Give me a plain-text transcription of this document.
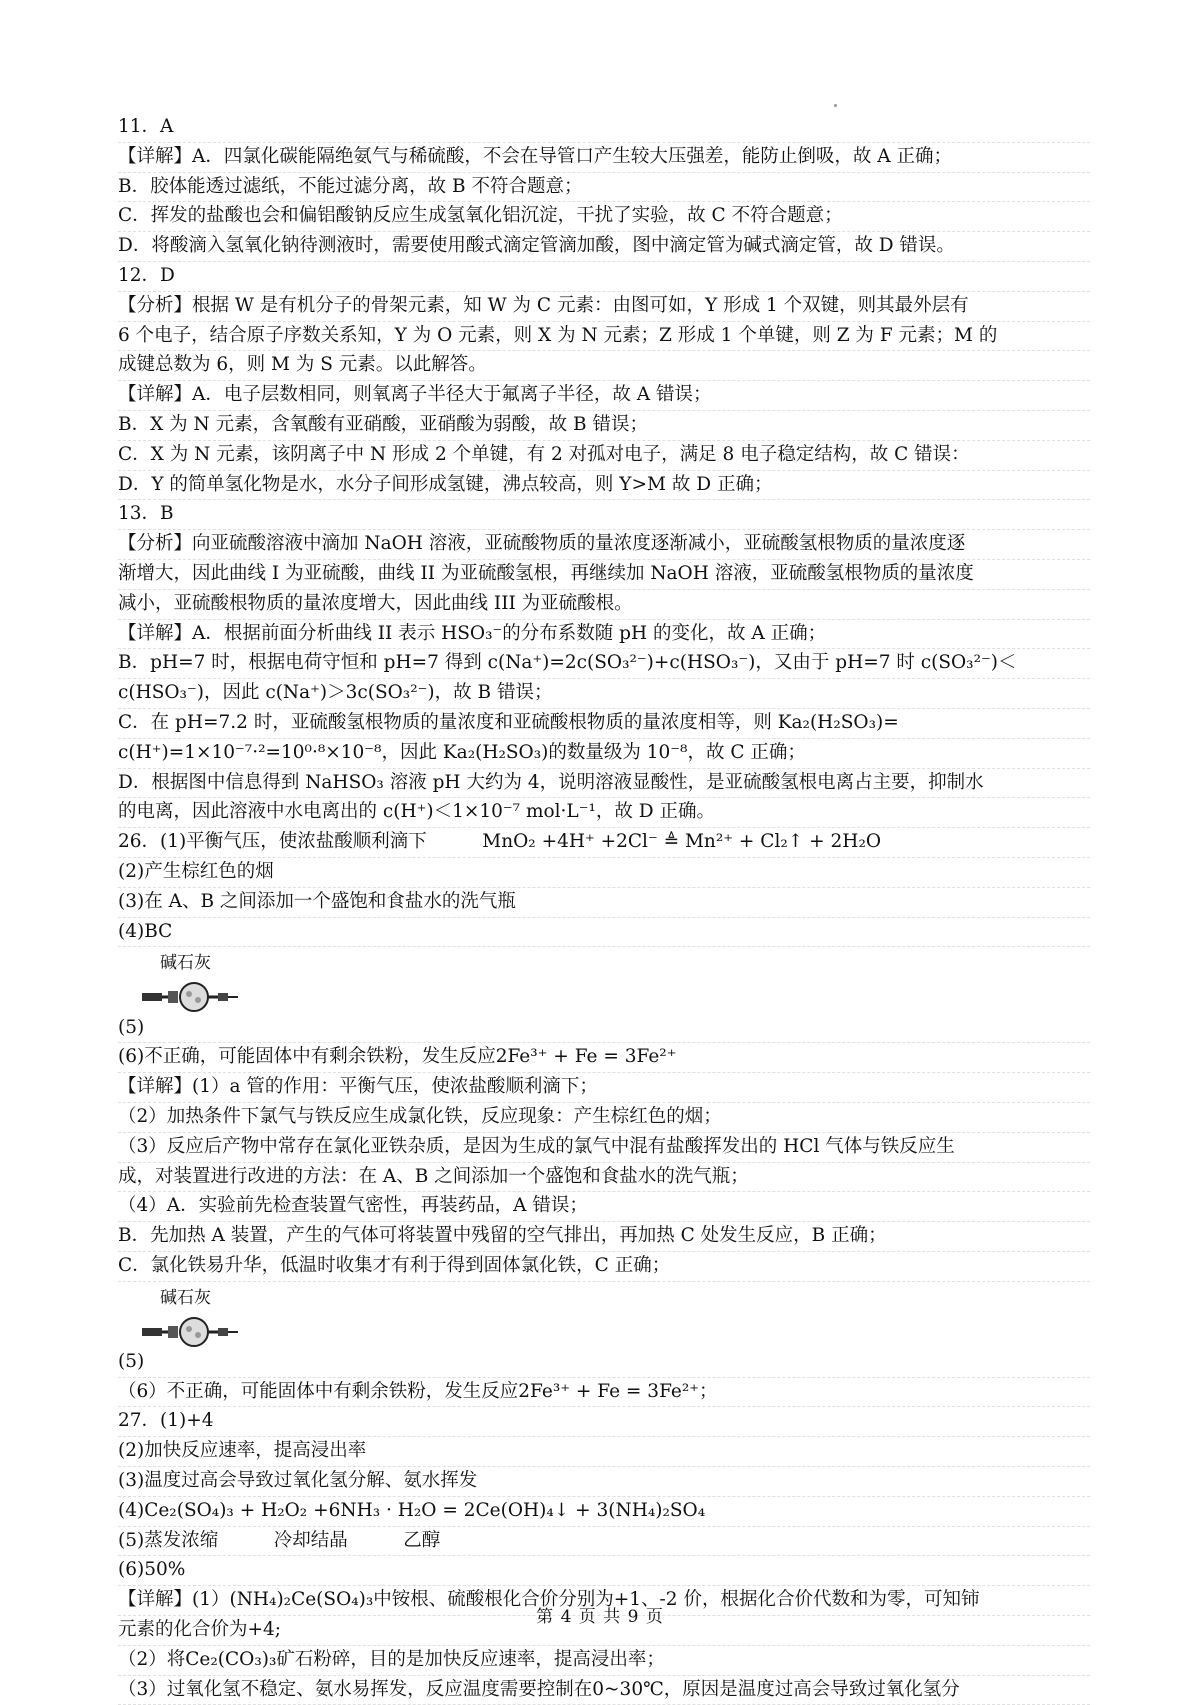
11．A
【详解】A．四氯化碳能隔绝氨气与稀硫酸，不会在导管口产生较大压强差，能防止倒吸，故 A 正确；
B．胶体能透过滤纸，不能过滤分离，故 B 不符合题意；
C．挥发的盐酸也会和偏铝酸钠反应生成氢氧化铝沉淀，干扰了实验，故 C 不符合题意；
D．将酸滴入氢氧化钠待测液时，需要使用酸式滴定管滴加酸，图中滴定管为碱式滴定管，故 D 错误。
12．D
【分析】根据 W 是有机分子的骨架元素，知 W 为 C 元素：由图可如，Y 形成 1 个双键，则其最外层有
6 个电子，结合原子序数关系知，Y 为 O 元素，则 X 为 N 元素；Z 形成 1 个单键，则 Z 为 F 元素；M 的
成键总数为 6，则 M 为 S 元素。以此解答。
【详解】A．电子层数相同，则氧离子半径大于氟离子半径，故 A 错误；
B．X 为 N 元素，含氧酸有亚硝酸，亚硝酸为弱酸，故 B 错误；
C．X 为 N 元素，该阴离子中 N 形成 2 个单键，有 2 对孤对电子，满足 8 电子稳定结构，故 C 错误：
D．Y 的简单氢化物是水，水分子间形成氢键，沸点较高，则 Y>M 故 D 正确；
13．B
【分析】向亚硫酸溶液中滴加 NaOH 溶液，亚硫酸物质的量浓度逐渐减小，亚硫酸氢根物质的量浓度逐
渐增大，因此曲线 I 为亚硫酸，曲线 II 为亚硫酸氢根，再继续加 NaOH 溶液，亚硫酸氢根物质的量浓度
减小，亚硫酸根物质的量浓度增大，因此曲线 III 为亚硫酸根。
【详解】A．根据前面分析曲线 II 表示 HSO₃⁻的分布系数随 pH 的变化，故 A 正确；
B．pH=7 时，根据电荷守恒和 pH=7 得到 c(Na⁺)=2c(SO₃²⁻)+c(HSO₃⁻)，又由于 pH=7 时 c(SO₃²⁻)＜
c(HSO₃⁻)，因此 c(Na⁺)＞3c(SO₃²⁻)，故 B 错误；
C．在 pH=7.2 时，亚硫酸氢根物质的量浓度和亚硫酸根物质的量浓度相等，则 Ka₂(H₂SO₃)=
c(H⁺)=1×10⁻⁷·²=10⁰·⁸×10⁻⁸，因此 Ka₂(H₂SO₃)的数量级为 10⁻⁸，故 C 正确；
D．根据图中信息得到 NaHSO₃ 溶液 pH 大约为 4，说明溶液显酸性，是亚硫酸氢根电离占主要，抑制水
的电离，因此溶液中水电离出的 c(H⁺)＜1×10⁻⁷ mol·L⁻¹，故 D 正确。
26．(1)平衡气压，使浓盐酸顺利滴下　　　MnO₂ +4H⁺ +2Cl⁻ ≜ Mn²⁺ + Cl₂↑ + 2H₂O
(2)产生棕红色的烟
(3)在 A、B 之间添加一个盛饱和食盐水的洗气瓶
(4)BC
碱石灰
(5)
(6)不正确，可能固体中有剩余铁粉，发生反应2Fe³⁺ + Fe = 3Fe²⁺
【详解】(1）a 管的作用：平衡气压，使浓盐酸顺利滴下；
（2）加热条件下氯气与铁反应生成氯化铁，反应现象：产生棕红色的烟；
（3）反应后产物中常存在氯化亚铁杂质，是因为生成的氯气中混有盐酸挥发出的 HCl 气体与铁反应生
成，对装置进行改进的方法：在 A、B 之间添加一个盛饱和食盐水的洗气瓶；
（4）A．实验前先检查装置气密性，再装药品，A 错误；
B．先加热 A 装置，产生的气体可将装置中残留的空气排出，再加热 C 处发生反应，B 正确；
C．氯化铁易升华，低温时收集才有利于得到固体氯化铁，C 正确；
碱石灰
(5)
（6）不正确，可能固体中有剩余铁粉，发生反应2Fe³⁺ + Fe = 3Fe²⁺；
27．(1)+4
(2)加快反应速率，提高浸出率
(3)温度过高会导致过氧化氢分解、氨水挥发
(4)Ce₂(SO₄)₃ + H₂O₂ +6NH₃ · H₂O = 2Ce(OH)₄↓ + 3(NH₄)₂SO₄
(5)蒸发浓缩　　　冷却结晶　　　乙醇
(6)50%
【详解】(1）(NH₄)₂Ce(SO₄)₃中铵根、硫酸根化合价分别为+1、-2 价，根据化合价代数和为零，可知铈
元素的化合价为+4;
（2）将Ce₂(CO₃)₃矿石粉碎，目的是加快反应速率，提高浸出率；
（3）过氧化氢不稳定、氨水易挥发，反应温度需要控制在0~30℃，原因是温度过高会导致过氧化氢分
第 4 页 共 9 页
